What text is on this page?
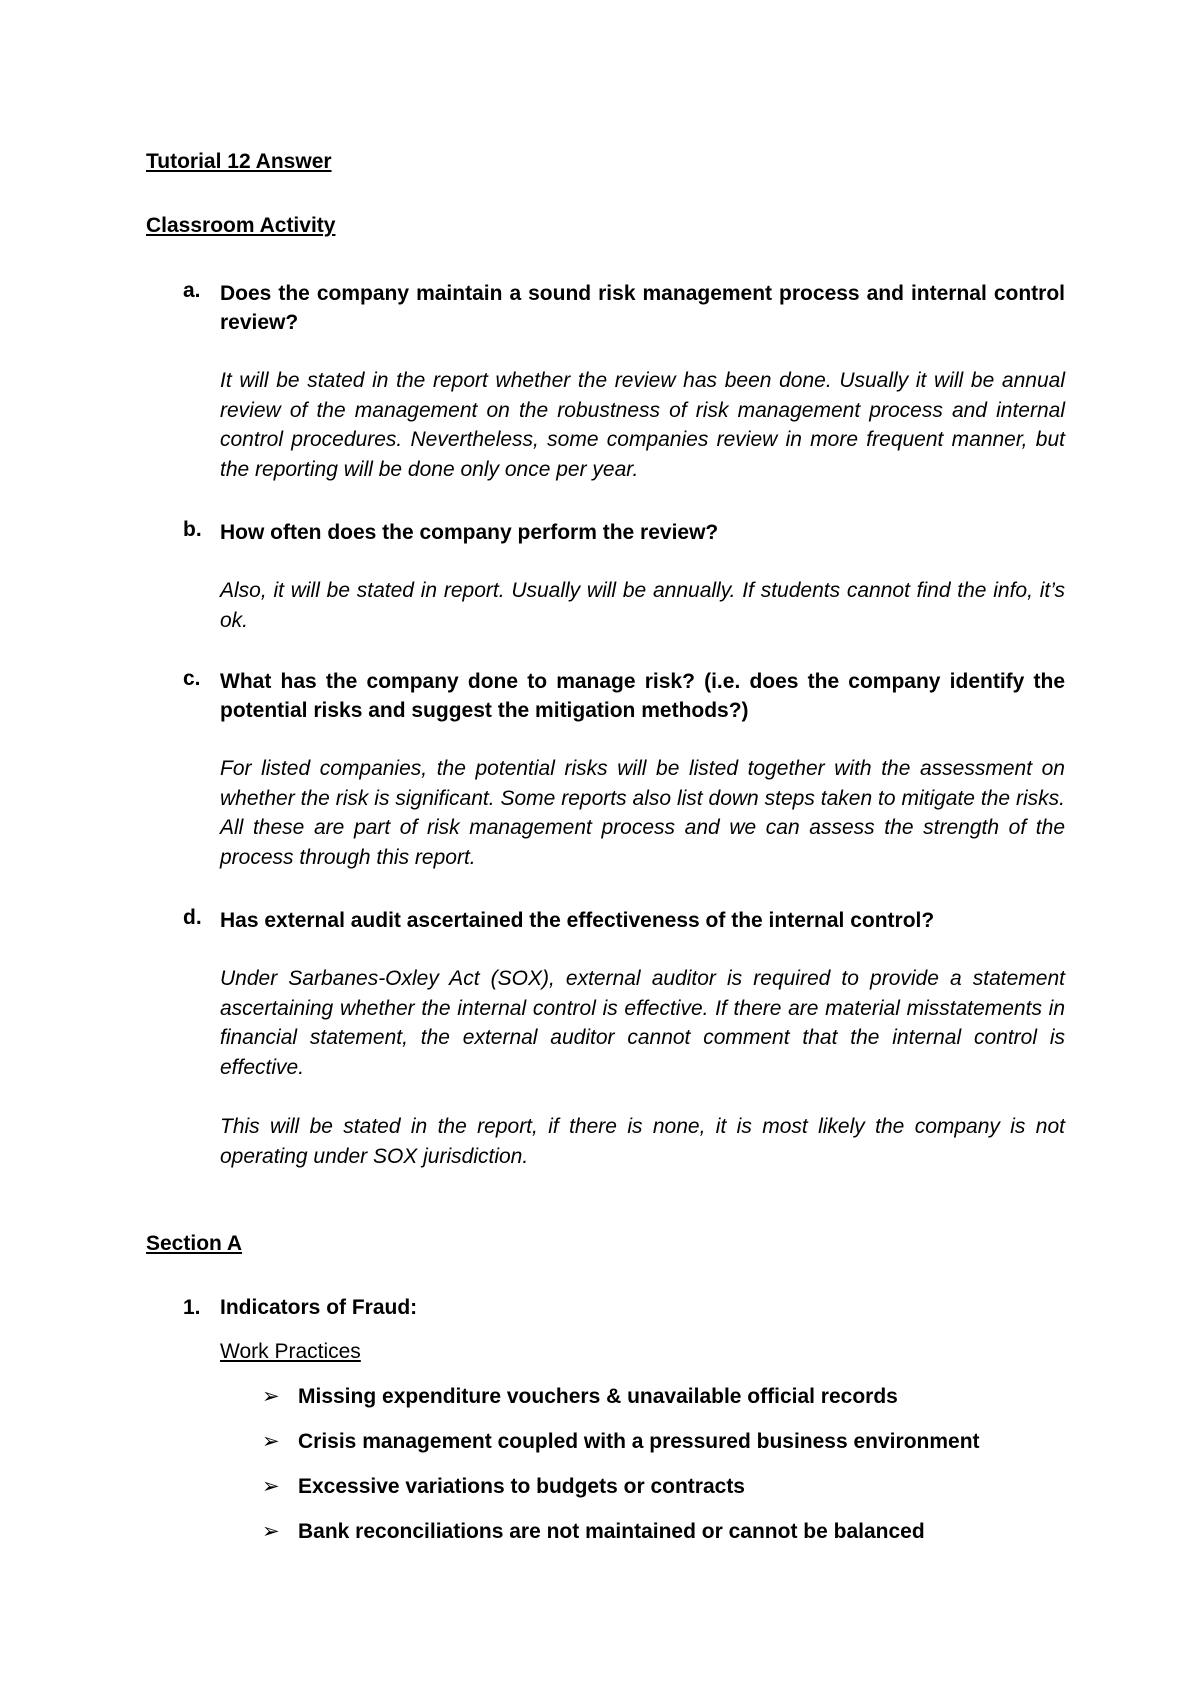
Tutorial 12 Answer
Classroom Activity
a. Does the company maintain a sound risk management process and internal control review?

It will be stated in the report whether the review has been done. Usually it will be annual review of the management on the robustness of risk management process and internal control procedures. Nevertheless, some companies review in more frequent manner, but the reporting will be done only once per year.

b. How often does the company perform the review?

Also, it will be stated in report. Usually will be annually. If students cannot find the info, it’s ok.

c. What has the company done to manage risk? (i.e. does the company identify the potential risks and suggest the mitigation methods?)

For listed companies, the potential risks will be listed together with the assessment on whether the risk is significant. Some reports also list down steps taken to mitigate the risks. All these are part of risk management process and we can assess the strength of the process through this report.

d. Has external audit ascertained the effectiveness of the internal control?

Under Sarbanes-Oxley Act (SOX), external auditor is required to provide a statement ascertaining whether the internal control is effective. If there are material misstatements in financial statement, the external auditor cannot comment that the internal control is effective.

This will be stated in the report, if there is none, it is most likely the company is not operating under SOX jurisdiction.

Section A
1. Indicators of Fraud:
Work Practices
➢ Missing expenditure vouchers & unavailable official records
➢ Crisis management coupled with a pressured business environment
➢ Excessive variations to budgets or contracts
➢ Bank reconciliations are not maintained or cannot be balanced
